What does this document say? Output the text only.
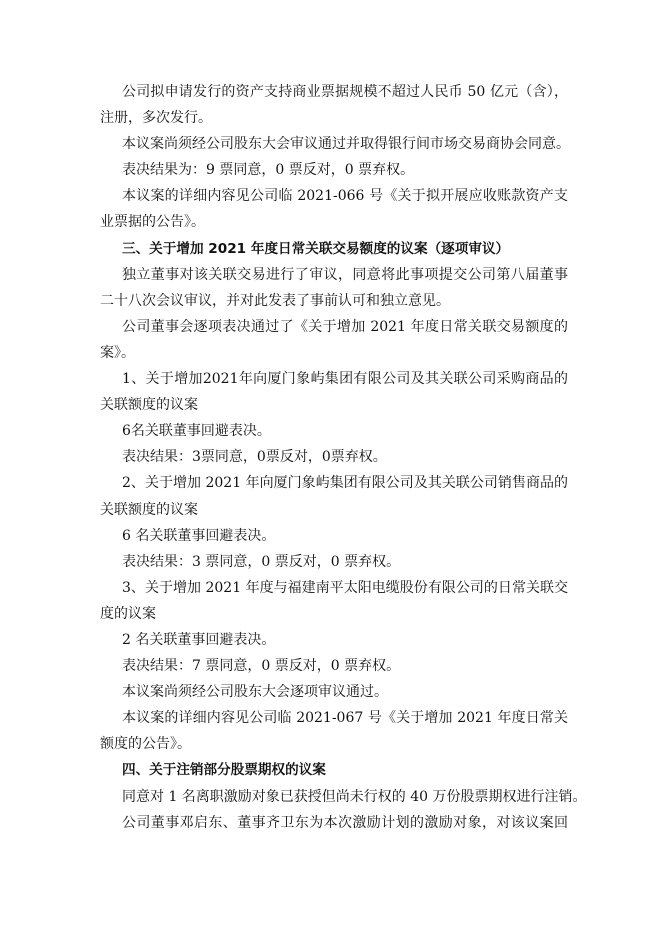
公司拟申请发行的资产支持商业票据规模不超过人民币 50 亿元（含），
注册，多次发行。
本议案尚须经公司股东大会审议通过并取得银行间市场交易商协会同意。
表决结果为：9 票同意，0 票反对，0 票弃权。
本议案的详细内容见公司临 2021-066 号《关于拟开展应收账款资产支
业票据的公告》。
三、关于增加 2021 年度日常关联交易额度的议案（逐项审议）
独立董事对该关联交易进行了审议，同意将此事项提交公司第八届董事
二十八次会议审议，并对此发表了事前认可和独立意见。
公司董事会逐项表决通过了《关于增加 2021 年度日常关联交易额度的
案》。
1、关于增加2021年向厦门象屿集团有限公司及其关联公司采购商品的
关联额度的议案
6名关联董事回避表决。
表决结果：3票同意，0票反对，0票弃权。
2、关于增加 2021 年向厦门象屿集团有限公司及其关联公司销售商品的
关联额度的议案
6 名关联董事回避表决。
表决结果：3 票同意，0 票反对，0 票弃权。
3、关于增加 2021 年度与福建南平太阳电缆股份有限公司的日常关联交
度的议案
2 名关联董事回避表决。
表决结果：7 票同意，0 票反对，0 票弃权。
本议案尚须经公司股东大会逐项审议通过。
本议案的详细内容见公司临 2021-067 号《关于增加 2021 年度日常关
额度的公告》。
四、关于注销部分股票期权的议案
同意对 1 名离职激励对象已获授但尚未行权的 40 万份股票期权进行注销。
公司董事邓启东、董事齐卫东为本次激励计划的激励对象，对该议案回
